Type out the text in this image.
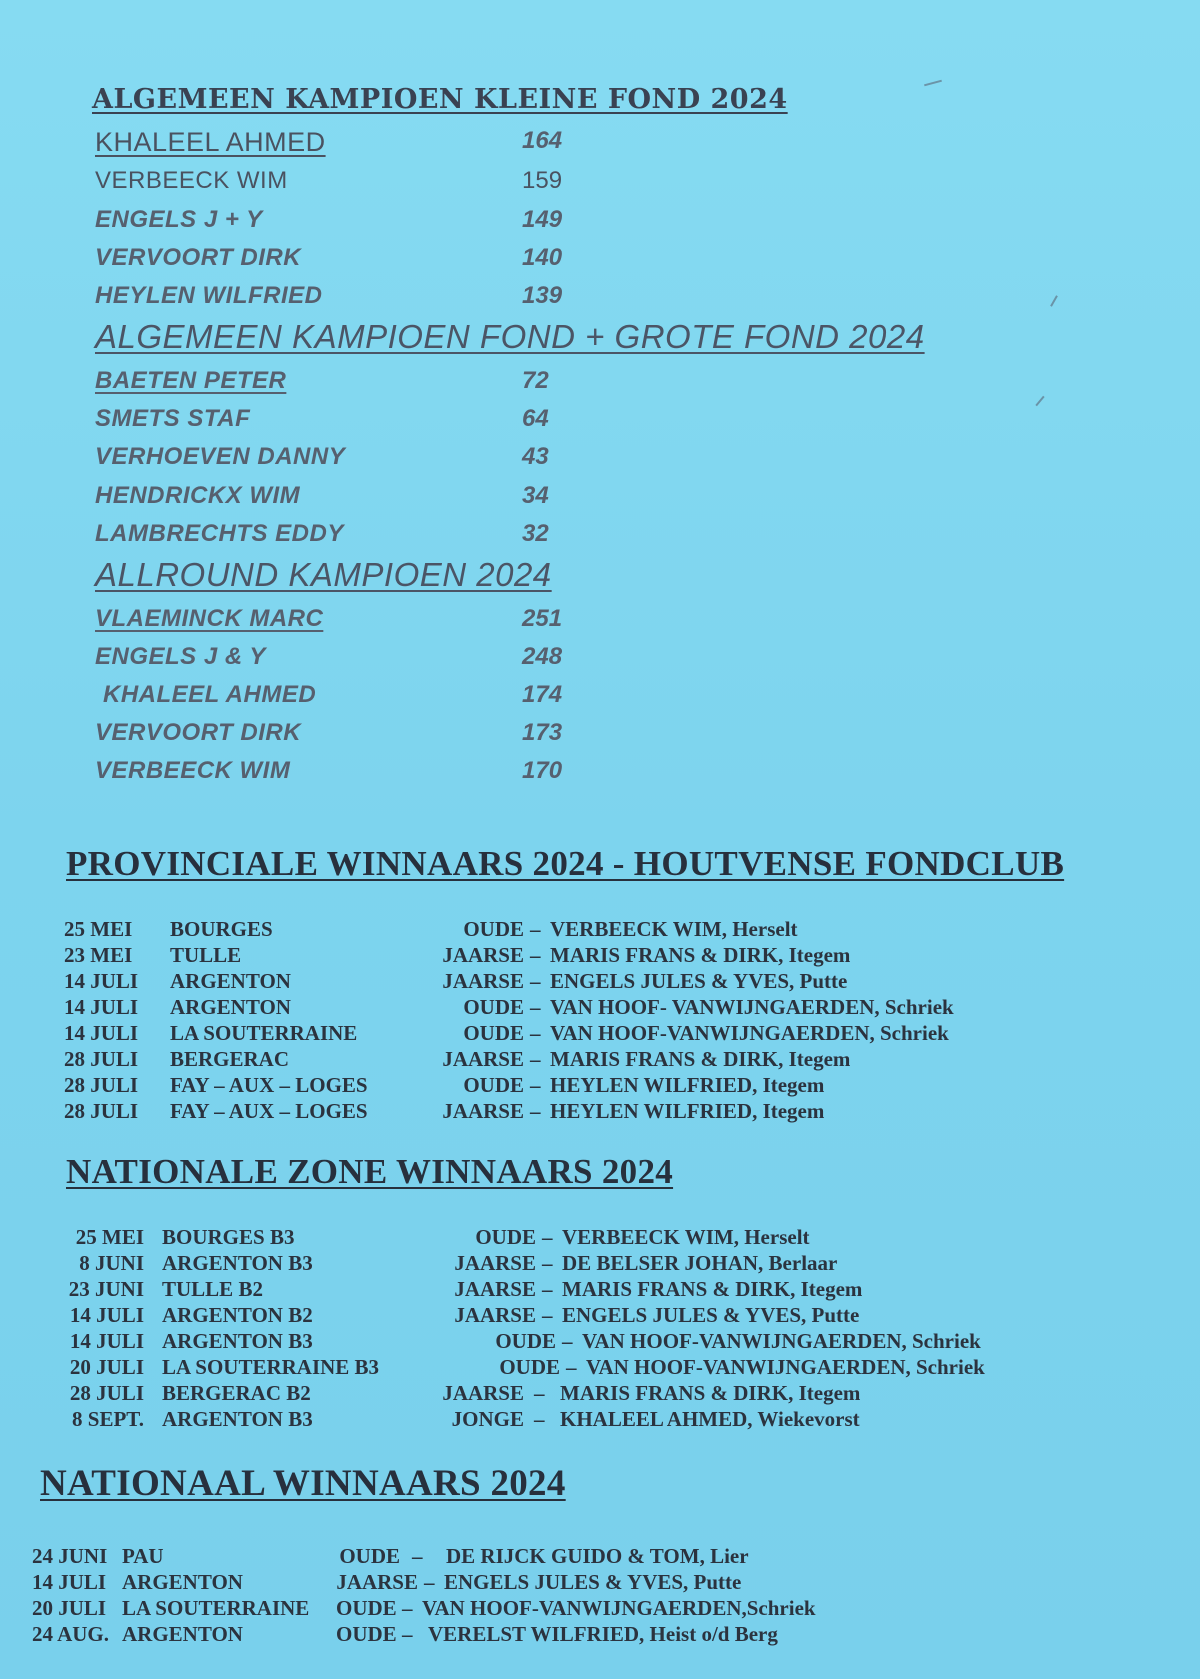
ALGEMEEN KAMPIOEN KLEINE FOND 2024
KHALEEL AHMED	164
VERBEECK WIM	159
ENGELS J + Y	149
VERVOORT DIRK	140
HEYLEN WILFRIED	139
ALGEMEEN KAMPIOEN FOND + GROTE FOND 2024
BAETEN PETER	72
SMETS STAF	64
VERHOEVEN DANNY	43
HENDRICKX WIM	34
LAMBRECHTS EDDY	32
ALLROUND KAMPIOEN 2024
VLAEMINCK MARC	251
ENGELS J & Y	248
KHALEEL AHMED	174
VERVOORT DIRK	173
VERBEECK WIM	170
PROVINCIALE WINNAARS 2024 - HOUTVENSE FONDCLUB
25 MEI BOURGES	OUDE – VERBEECK WIM, Herselt
23 MEI TULLE	JAARSE – MARIS FRANS & DIRK, Itegem
14 JULI ARGENTON	JAARSE – ENGELS JULES & YVES, Putte
14 JULI ARGENTON	OUDE – VAN HOOF- VANWIJNGAERDEN, Schriek
14 JULI LA SOUTERRAINE	OUDE – VAN HOOF-VANWIJNGAERDEN, Schriek
28 JULI BERGERAC	JAARSE – MARIS FRANS & DIRK, Itegem
28 JULI FAY – AUX – LOGES	OUDE – HEYLEN WILFRIED, Itegem
28 JULI FAY – AUX – LOGES	JAARSE – HEYLEN WILFRIED, Itegem
NATIONALE ZONE WINNAARS 2024
25 MEI BOURGES B3	OUDE – VERBEECK WIM, Herselt
8 JUNI ARGENTON B3	JAARSE – DE BELSER JOHAN, Berlaar
23 JUNI TULLE B2	JAARSE – MARIS FRANS & DIRK, Itegem
14 JULI ARGENTON B2	JAARSE – ENGELS JULES & YVES, Putte
14 JULI ARGENTON B3	OUDE – VAN HOOF-VANWIJNGAERDEN, Schriek
20 JULI LA SOUTERRAINE B3	OUDE – VAN HOOF-VANWIJNGAERDEN, Schriek
28 JULI BERGERAC B2	JAARSE – MARIS FRANS & DIRK, Itegem
8 SEPT. ARGENTON B3	JONGE – KHALEEL AHMED, Wiekevorst
NATIONAAL WINNAARS 2024
24 JUNI PAU	OUDE – DE RIJCK GUIDO & TOM, Lier
14 JULI ARGENTON	JAARSE – ENGELS JULES & YVES, Putte
20 JULI LA SOUTERRAINE OUDE – VAN HOOF-VANWIJNGAERDEN,Schriek
24 AUG. ARGENTON	OUDE – VERELST WILFRIED, Heist o/d Berg
